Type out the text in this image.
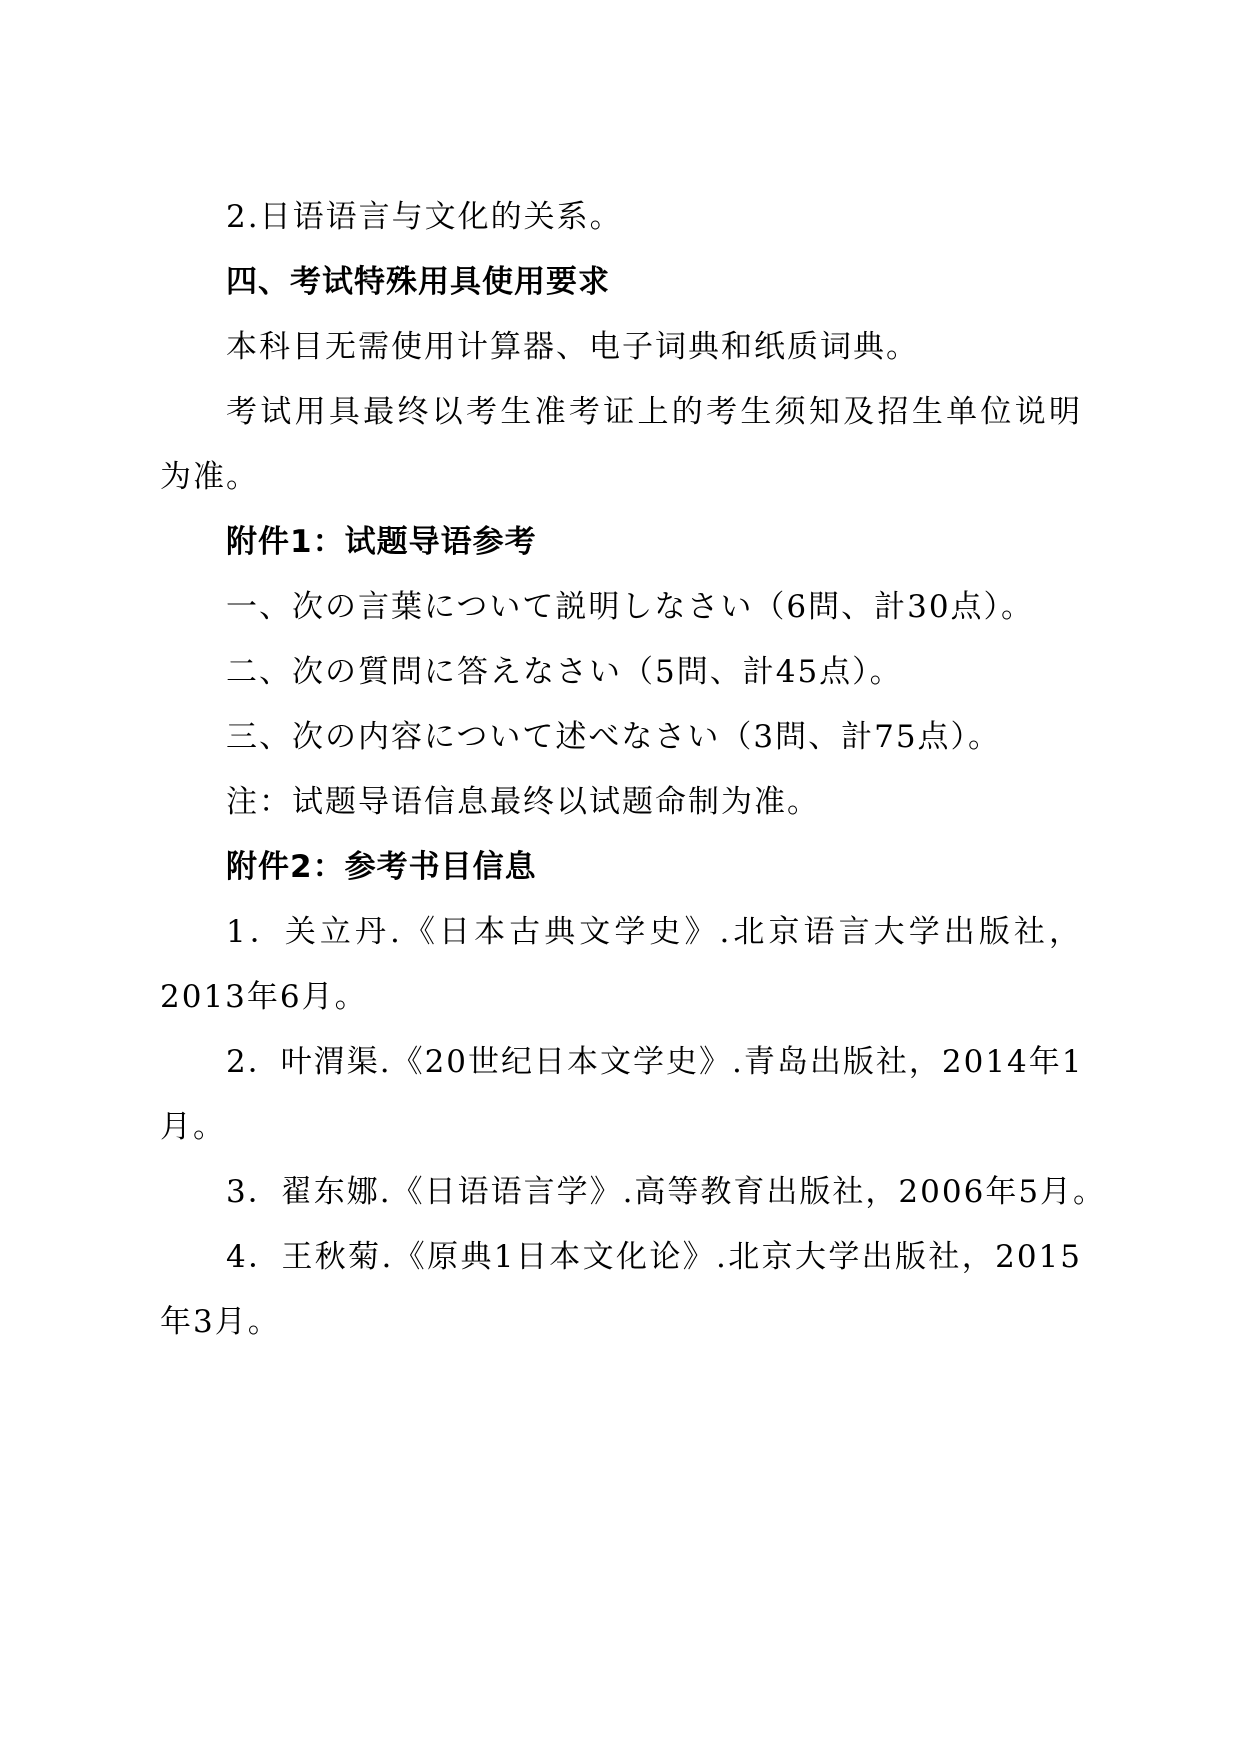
2.日语语言与文化的关系。
四、考试特殊用具使用要求
本科目无需使用计算器、电子词典和纸质词典。
考试用具最终以考生准考证上的考生须知及招生单位说明
为准。
附件1：试题导语参考
一、次の言葉について説明しなさい（6問、計30点）。
二、次の質問に答えなさい（5問、計45点）。
三、次の内容について述べなさい（3問、計75点）。
注：试题导语信息最终以试题命制为准。
附件2：参考书目信息
1．关立丹.《日本古典文学史》.北京语言大学出版社，
2013年6月。
2．叶渭渠.《20世纪日本文学史》.青岛出版社，2014年1
月。
3．翟东娜.《日语语言学》.高等教育出版社，2006年5月。
4．王秋菊.《原典1日本文化论》.北京大学出版社，2015
年3月。
